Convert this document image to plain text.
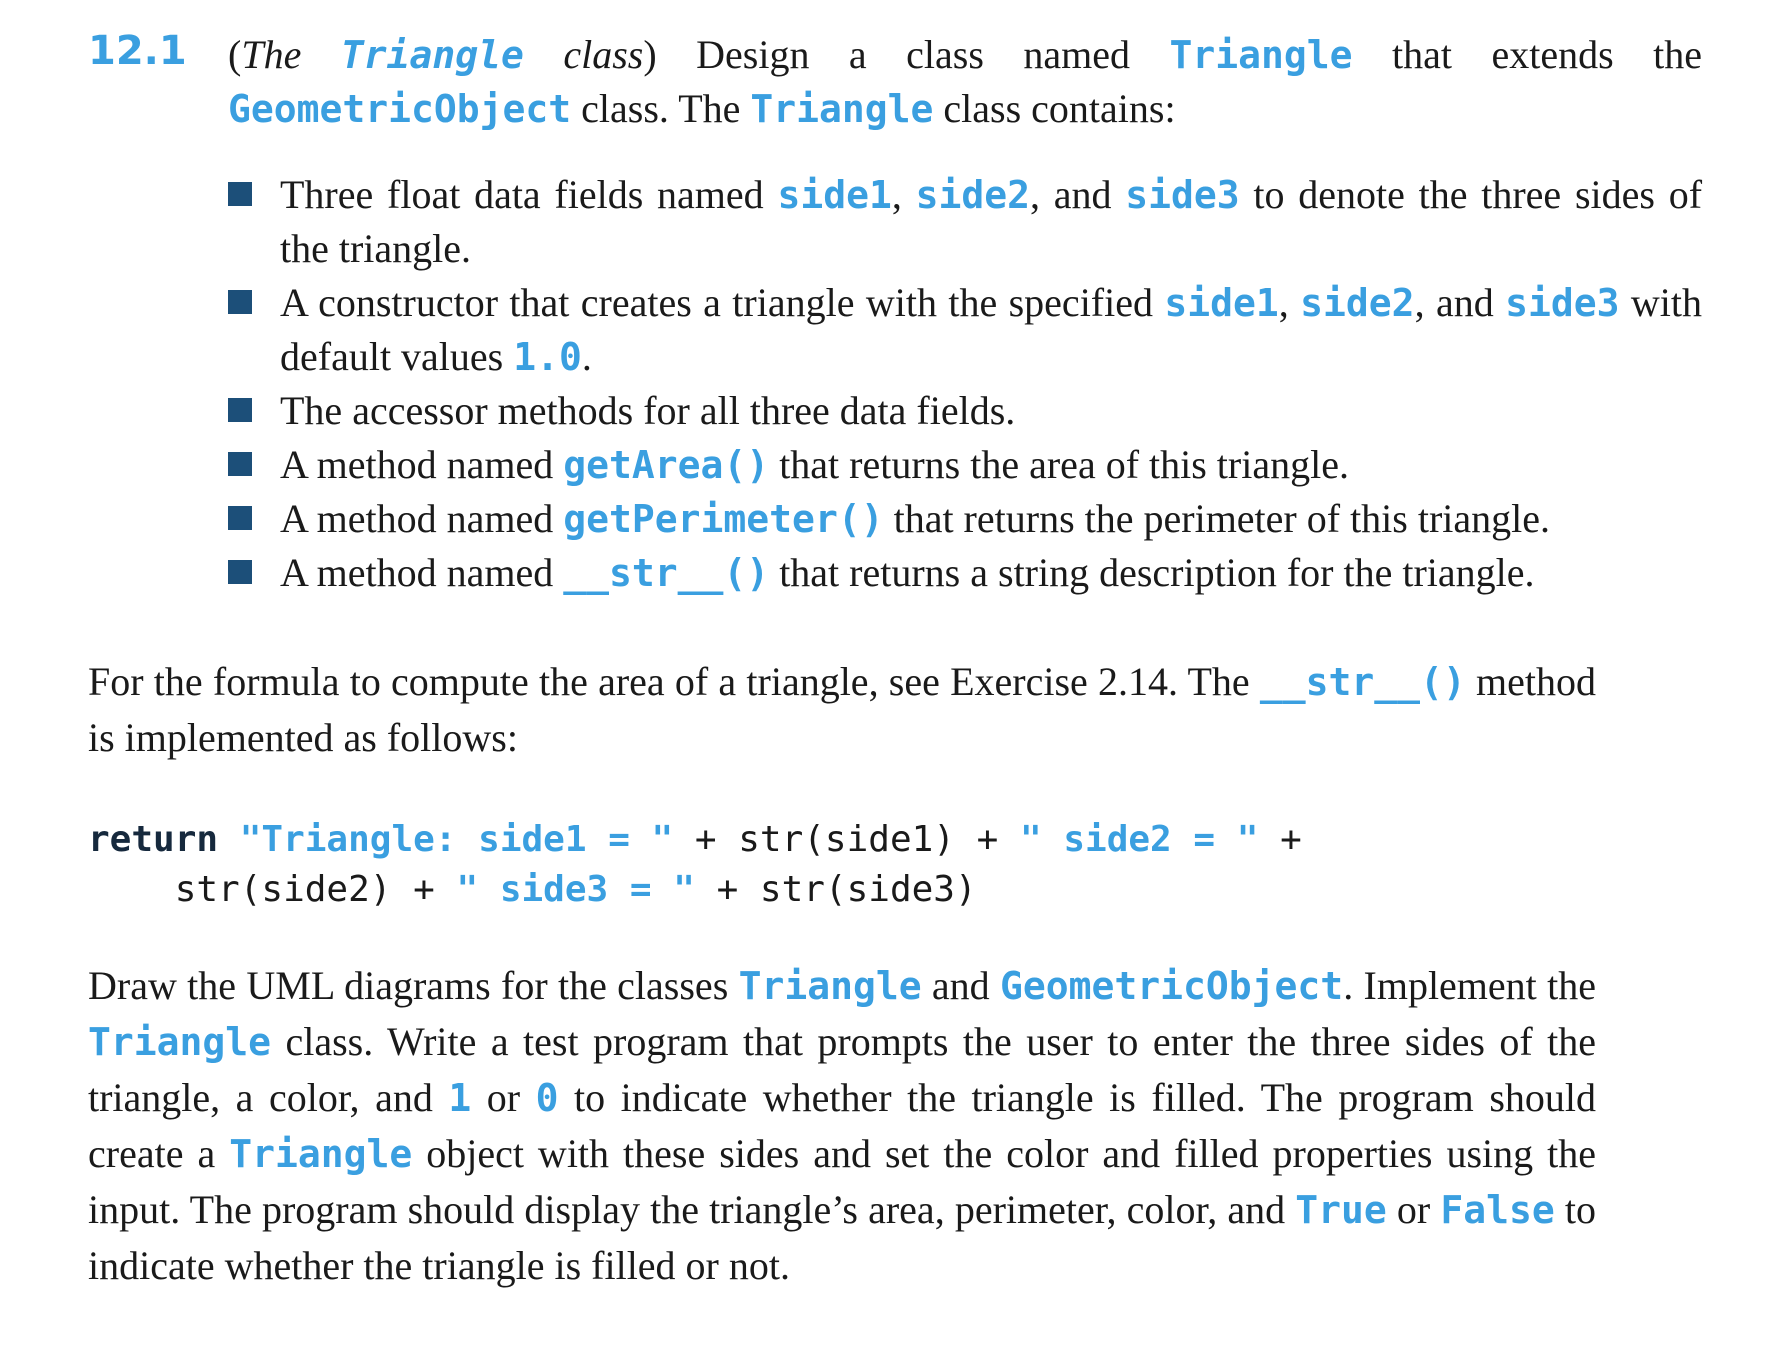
12.1 (The Triangle class) Design a class named Triangle that extends the GeometricObject class. The Triangle class contains:
Three float data fields named side1, side2, and side3 to denote the three sides of the triangle.
A constructor that creates a triangle with the specified side1, side2, and side3 with default values 1.0.
The accessor methods for all three data fields.
A method named getArea() that returns the area of this triangle.
A method named getPerimeter() that returns the perimeter of this triangle.
A method named __str__() that returns a string description for the triangle.
For the formula to compute the area of a triangle, see Exercise 2.14. The __str__() method is implemented as follows:
return "Triangle: side1 = " + str(side1) + " side2 = " +
str(side2) + " side3 = " + str(side3)
Draw the UML diagrams for the classes Triangle and GeometricObject. Implement the Triangle class. Write a test program that prompts the user to enter the three sides of the triangle, a color, and 1 or 0 to indicate whether the triangle is filled. The program should create a Triangle object with these sides and set the color and filled properties using the input. The program should display the triangle’s area, perimeter, color, and True or False to indicate whether the triangle is filled or not.
